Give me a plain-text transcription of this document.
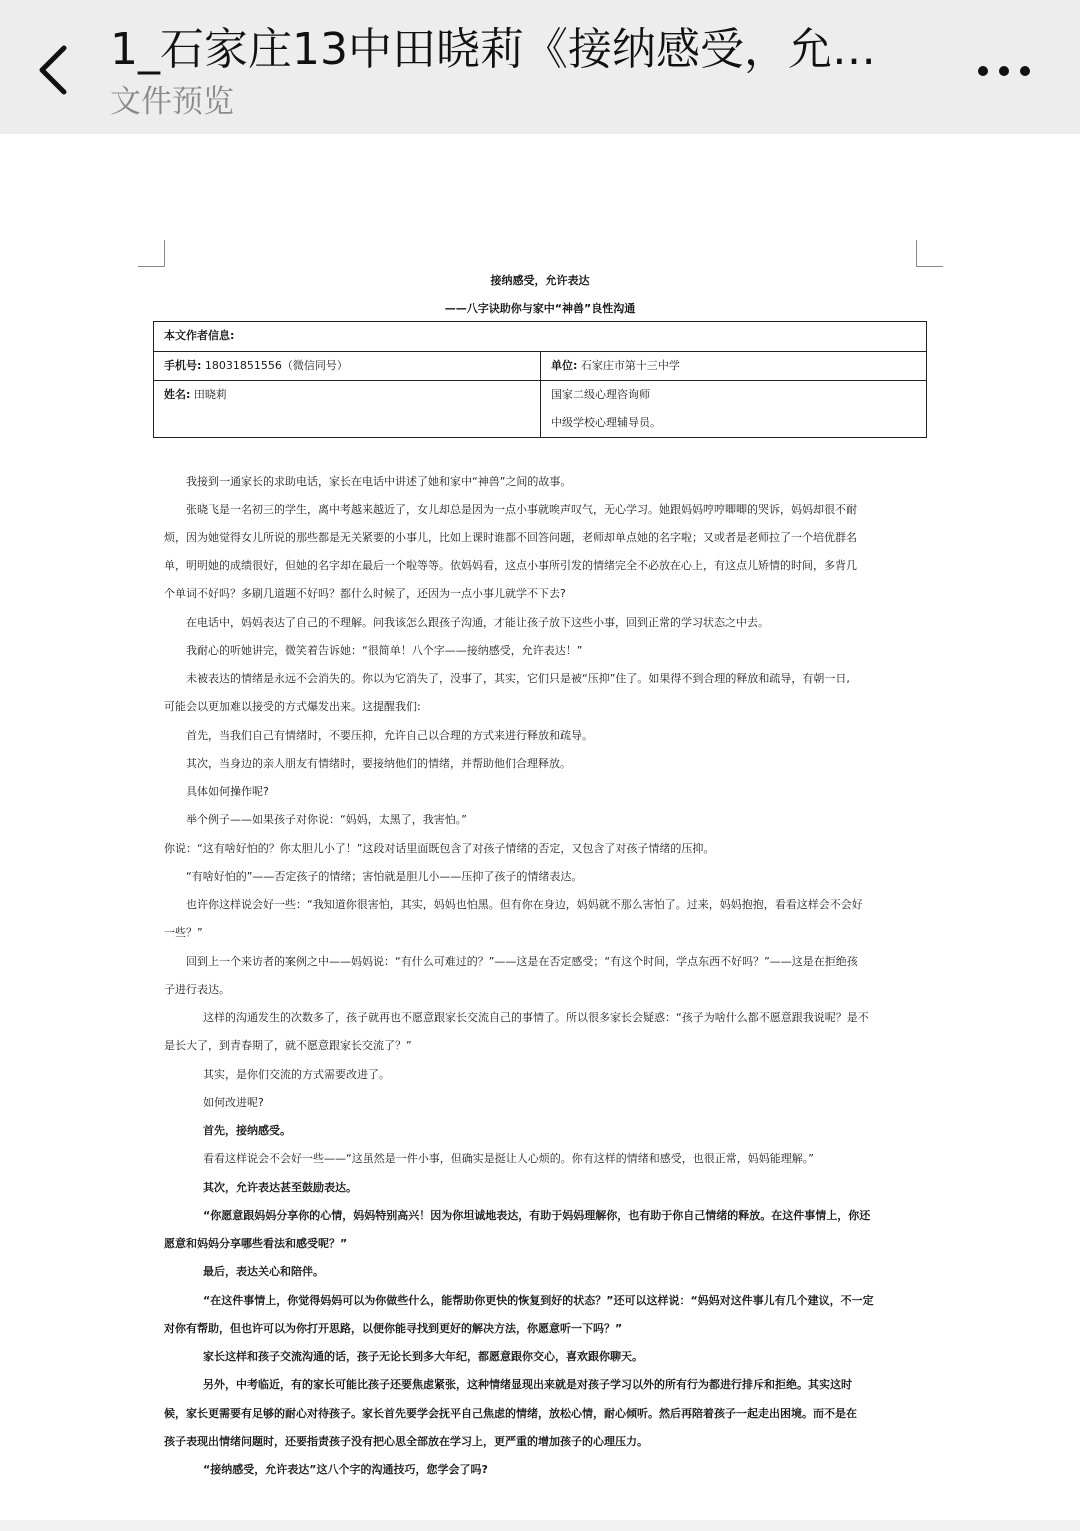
1_石家庄13中田晓莉《接纳感受，允…
文件预览
接纳感受，允许表达
——八字诀助你与家中“神兽”良性沟通
本文作者信息:	
手机号: 18031851556（微信同号）	单位: 石家庄市第十三中学
姓名: 田晓莉	国家二级心理咨询师
中级学校心理辅导员。
我接到一通家长的求助电话，家长在电话中讲述了她和家中“神兽”之间的故事。
张晓飞是一名初三的学生，离中考越来越近了，女儿却总是因为一点小事就唉声叹气，无心学习。她跟妈妈哼哼唧唧的哭诉，妈妈却很不耐
烦，因为她觉得女儿所说的那些都是无关紧要的小事儿，比如上课时谁都不回答问题，老师却单点她的名字啦；又或者是老师拉了一个培优群名
单，明明她的成绩很好，但她的名字却在最后一个啦等等。依妈妈看，这点小事所引发的情绪完全不必放在心上，有这点儿矫情的时间，多背几
个单词不好吗？多刷几道题不好吗？都什么时候了，还因为一点小事儿就学不下去?
在电话中，妈妈表达了自己的不理解。问我该怎么跟孩子沟通，才能让孩子放下这些小事，回到正常的学习状态之中去。
我耐心的听她讲完，微笑着告诉她：“很简单！八个字——接纳感受，允许表达！”
未被表达的情绪是永远不会消失的。你以为它消失了，没事了，其实，它们只是被“压抑”住了。如果得不到合理的释放和疏导，有朝一日,
可能会以更加难以接受的方式爆发出来。这提醒我们:
首先，当我们自己有情绪时，不要压抑，允许自己以合理的方式来进行释放和疏导。
其次，当身边的亲人朋友有情绪时，要接纳他们的情绪，并帮助他们合理释放。
具体如何操作呢?
举个例子——如果孩子对你说：“妈妈，太黑了，我害怕。”
你说：“这有啥好怕的？你太胆儿小了！”这段对话里面既包含了对孩子情绪的否定，又包含了对孩子情绪的压抑。
“有啥好怕的”——否定孩子的情绪；害怕就是胆儿小——压抑了孩子的情绪表达。
也许你这样说会好一些：“我知道你很害怕，其实，妈妈也怕黑。但有你在身边，妈妈就不那么害怕了。过来，妈妈抱抱，看看这样会不会好
一些？”
回到上一个来访者的案例之中——妈妈说：“有什么可难过的？”——这是在否定感受；“有这个时间，学点东西不好吗？”——这是在拒绝孩
子进行表达。
这样的沟通发生的次数多了，孩子就再也不愿意跟家长交流自己的事情了。所以很多家长会疑惑：“孩子为啥什么都不愿意跟我说呢？是不
是长大了，到青春期了，就不愿意跟家长交流了？”
其实，是你们交流的方式需要改进了。
如何改进呢?
首先，接纳感受。
看看这样说会不会好一些——“这虽然是一件小事，但确实是挺让人心烦的。你有这样的情绪和感受，也很正常，妈妈能理解。”
其次，允许表达甚至鼓励表达。
“你愿意跟妈妈分享你的心情，妈妈特别高兴！因为你坦诚地表达，有助于妈妈理解你，也有助于你自己情绪的释放。在这件事情上，你还
愿意和妈妈分享哪些看法和感受呢？”
最后，表达关心和陪伴。
“在这件事情上，你觉得妈妈可以为你做些什么，能帮助你更快的恢复到好的状态？”还可以这样说：“妈妈对这件事儿有几个建议，不一定
对你有帮助，但也许可以为你打开思路，以便你能寻找到更好的解决方法，你愿意听一下吗？”
家长这样和孩子交流沟通的话，孩子无论长到多大年纪，都愿意跟你交心，喜欢跟你聊天。
另外，中考临近，有的家长可能比孩子还要焦虑紧张，这种情绪显现出来就是对孩子学习以外的所有行为都进行排斥和拒绝。其实这时
候，家长更需要有足够的耐心对待孩子。家长首先要学会抚平自己焦虑的情绪，放松心情，耐心倾听。然后再陪着孩子一起走出困境。而不是在
孩子表现出情绪问题时，还要指责孩子没有把心思全部放在学习上，更严重的增加孩子的心理压力。
“接纳感受，允许表达”这八个字的沟通技巧，您学会了吗?
